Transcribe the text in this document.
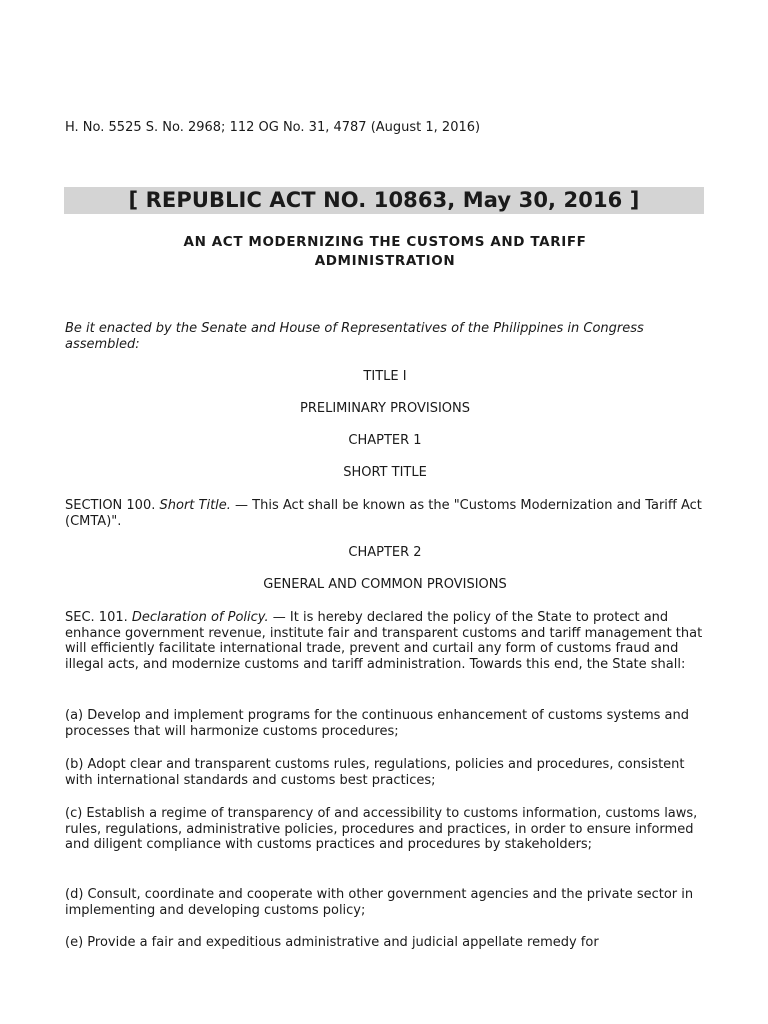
H. No. 5525 S. No. 2968; 112 OG No. 31, 4787 (August 1, 2016)
[ REPUBLIC ACT NO. 10863, May 30, 2016 ]
AN ACT MODERNIZING THE CUSTOMS AND TARIFF
ADMINISTRATION
Be it enacted by the Senate and House of Representatives of the Philippines in Congress assembled:
TITLE I
PRELIMINARY PROVISIONS
CHAPTER 1
SHORT TITLE
SECTION 100. Short Title. — This Act shall be known as the "Customs Modernization and Tariff Act (CMTA)".
CHAPTER 2
GENERAL AND COMMON PROVISIONS
SEC. 101. Declaration of Policy. — It is hereby declared the policy of the State to protect and enhance government revenue, institute fair and transparent customs and tariff management that will efficiently facilitate international trade, prevent and curtail any form of customs fraud and illegal acts, and modernize customs and tariff administration. Towards this end, the State shall:
(a) Develop and implement programs for the continuous enhancement of customs systems and processes that will harmonize customs procedures;
(b) Adopt clear and transparent customs rules, regulations, policies and procedures, consistent with international standards and customs best practices;
(c) Establish a regime of transparency of and accessibility to customs information, customs laws, rules, regulations, administrative policies, procedures and practices, in order to ensure informed and diligent compliance with customs practices and procedures by stakeholders;
(d) Consult, coordinate and cooperate with other government agencies and the private sector in implementing and developing customs policy;
(e) Provide a fair and expeditious administrative and judicial appellate remedy for
